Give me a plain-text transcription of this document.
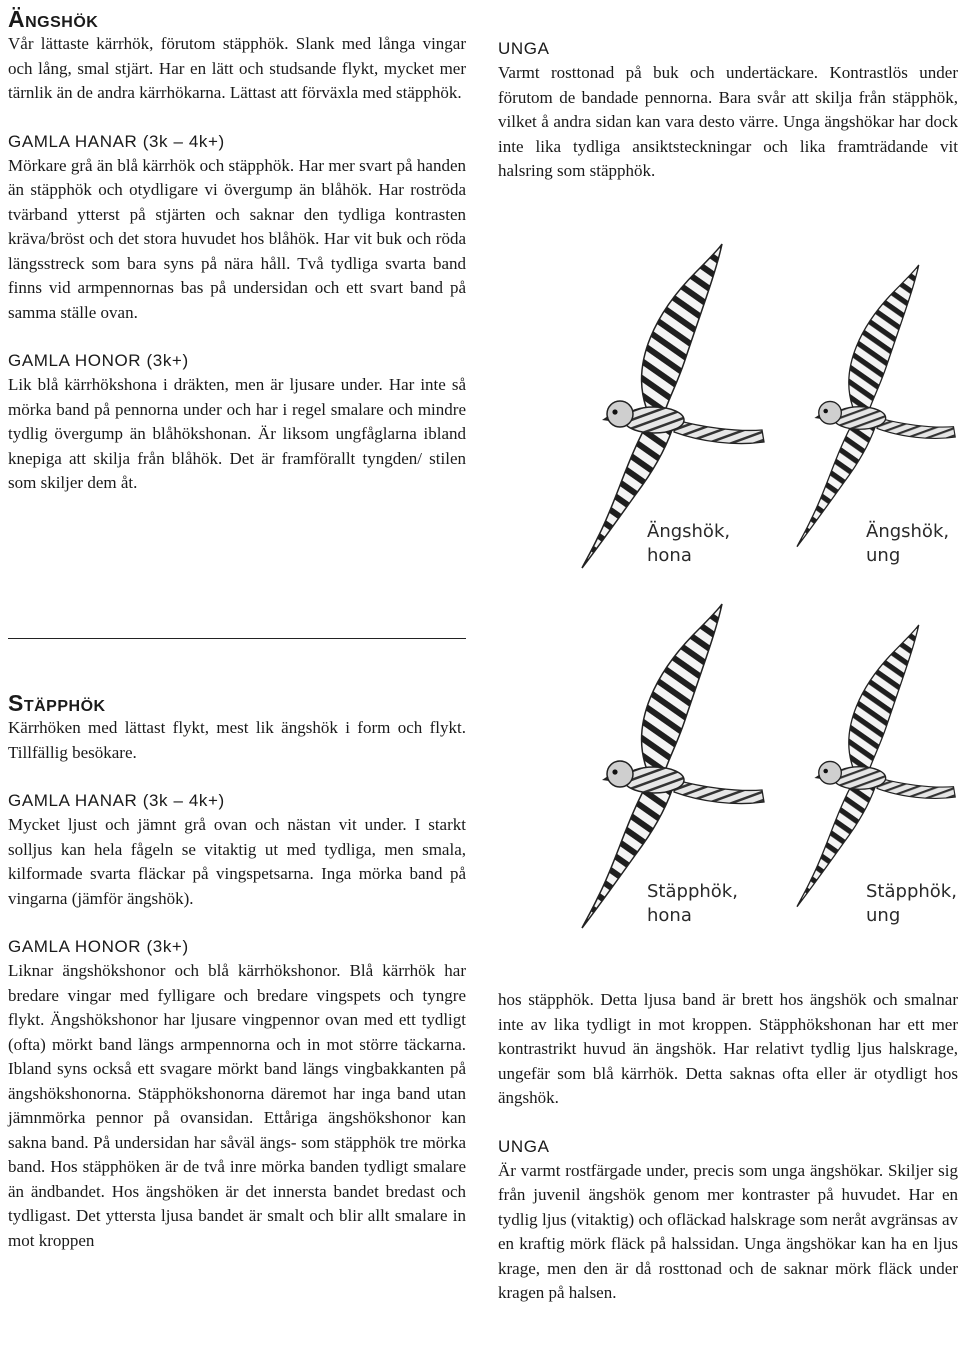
Ängshök

Vår lättaste kärrhök, förutom stäpphök. Slank med långa vingar och lång, smal stjärt. Har en lätt och studsande flykt, mycket mer tärnlik än de andra kärrhökarna. Lättast att förväxla med stäpphök.

GAMLA HANAR (3k – 4k+)

Mörkare grå än blå kärrhök och stäpphök. Har mer svart på handen än stäpphök och otydligare vi övergump än blåhök. Har roströda tvärband ytterst på stjärten och saknar den tydliga kontrasten kräva/bröst och det stora huvudet hos blåhök. Har vit buk och röda längsstreck som bara syns på nära håll. Två tydliga svarta band finns vid armpennornas bas på undersidan och ett svart band på samma ställe ovan.

GAMLA HONOR (3k+)

Lik blå kärrhökshona i dräkten, men är ljusare under. Har inte så mörka band på pennorna under och har i regel smalare och mindre tydlig övergump än blåhökshonan. Är liksom ungfåglarna ibland knepiga att skilja från blåhök. Det är framförallt tyngden/ stilen som skiljer dem åt.

Stäpphök

Kärrhöken med lättast flykt, mest lik ängshök i form och flykt. Tillfällig besökare.

GAMLA HANAR (3k – 4k+)

Mycket ljust och jämnt grå ovan och nästan vit under. I starkt solljus kan hela fågeln se vitaktig ut med tydliga, men smala, kilformade svarta fläckar på vingspetsarna. Inga mörka band på vingarna (jämför ängshök).

GAMLA HONOR (3k+)

Liknar ängshökshonor och blå kärrhökshonor. Blå kärrhök har bredare vingar med fylligare och bredare vingspets och tyngre flykt. Ängshökshonor har ljusare vingpennor ovan med ett tydligt (ofta) mörkt band längs armpennorna och in mot större täckarna. Ibland syns också ett svagare mörkt band längs vingbakkanten på ängshökshonorna. Stäpphökshonorna däremot har inga band utan jämnmörka pennor på ovansidan. Ettåriga ängshökshonor kan sakna band. På undersidan har såväl ängs- som stäpphök tre mörka band. Hos stäpphöken är de två inre mörka banden tydligt smalare än ändbandet. Hos ängshöken är det innersta bandet bredast och tydligast. Det yttersta ljusa bandet är smalt och blir allt smalare in mot kroppen

UNGA

Varmt rosttonad på buk och undertäckare. Kontrastlös under förutom de bandade pennorna. Bara svår att skilja från stäpphök, vilket å andra sidan kan vara desto värre. Unga ängshökar har dock inte lika tydliga ansiktsteckningar och lika framträdande vit halsring som stäpphök.

hos stäpphök. Detta ljusa band är brett hos ängshök och smalnar inte av lika tydligt in mot kroppen. Stäpphökshonan har ett mer kontrastrikt huvud än ängshök. Har relativt tydlig ljus halskrage, ungefär som blå kärrhök. Detta saknas ofta eller är otydligt hos ängshök.

UNGA

Är varmt rostfärgade under, precis som unga ängshökar. Skiljer sig från juvenil ängshök genom mer kontraster på huvudet. Har en tydlig ljus (vitaktig) och ofläckad halskrage som neråt avgränsas av en kraftig mörk fläck på halssidan. Unga ängshökar kan ha en ljus krage, men den är då rosttonad och de saknar mörk fläck under kragen på halsen.

Ängshök,
hona
Ängshök,
ung
Stäpphök,
hona
Stäpphök,
ung
